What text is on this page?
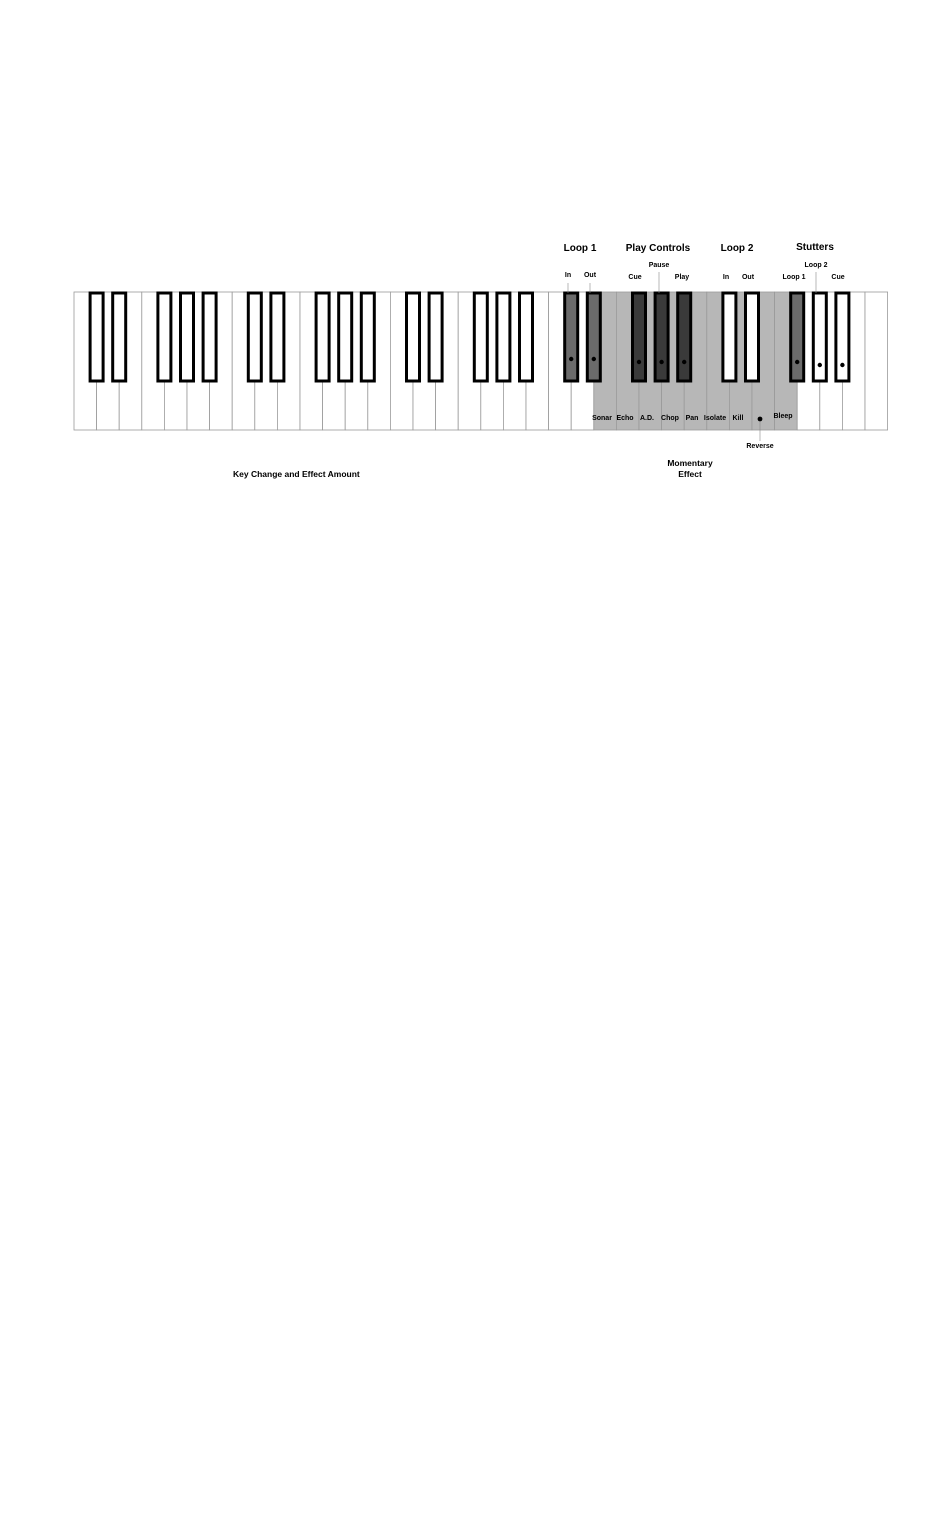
Loop 1	Play Controls	Loop 2	Stutters
In Out	Cue
Pause
Play	In Out	Loop 1
Loop 2
Cue
Sonar Echo A.D. Chop Pan Isolate Kill	Bleep
Reverse
Key Change and Effect Amount
Momentary Effect
